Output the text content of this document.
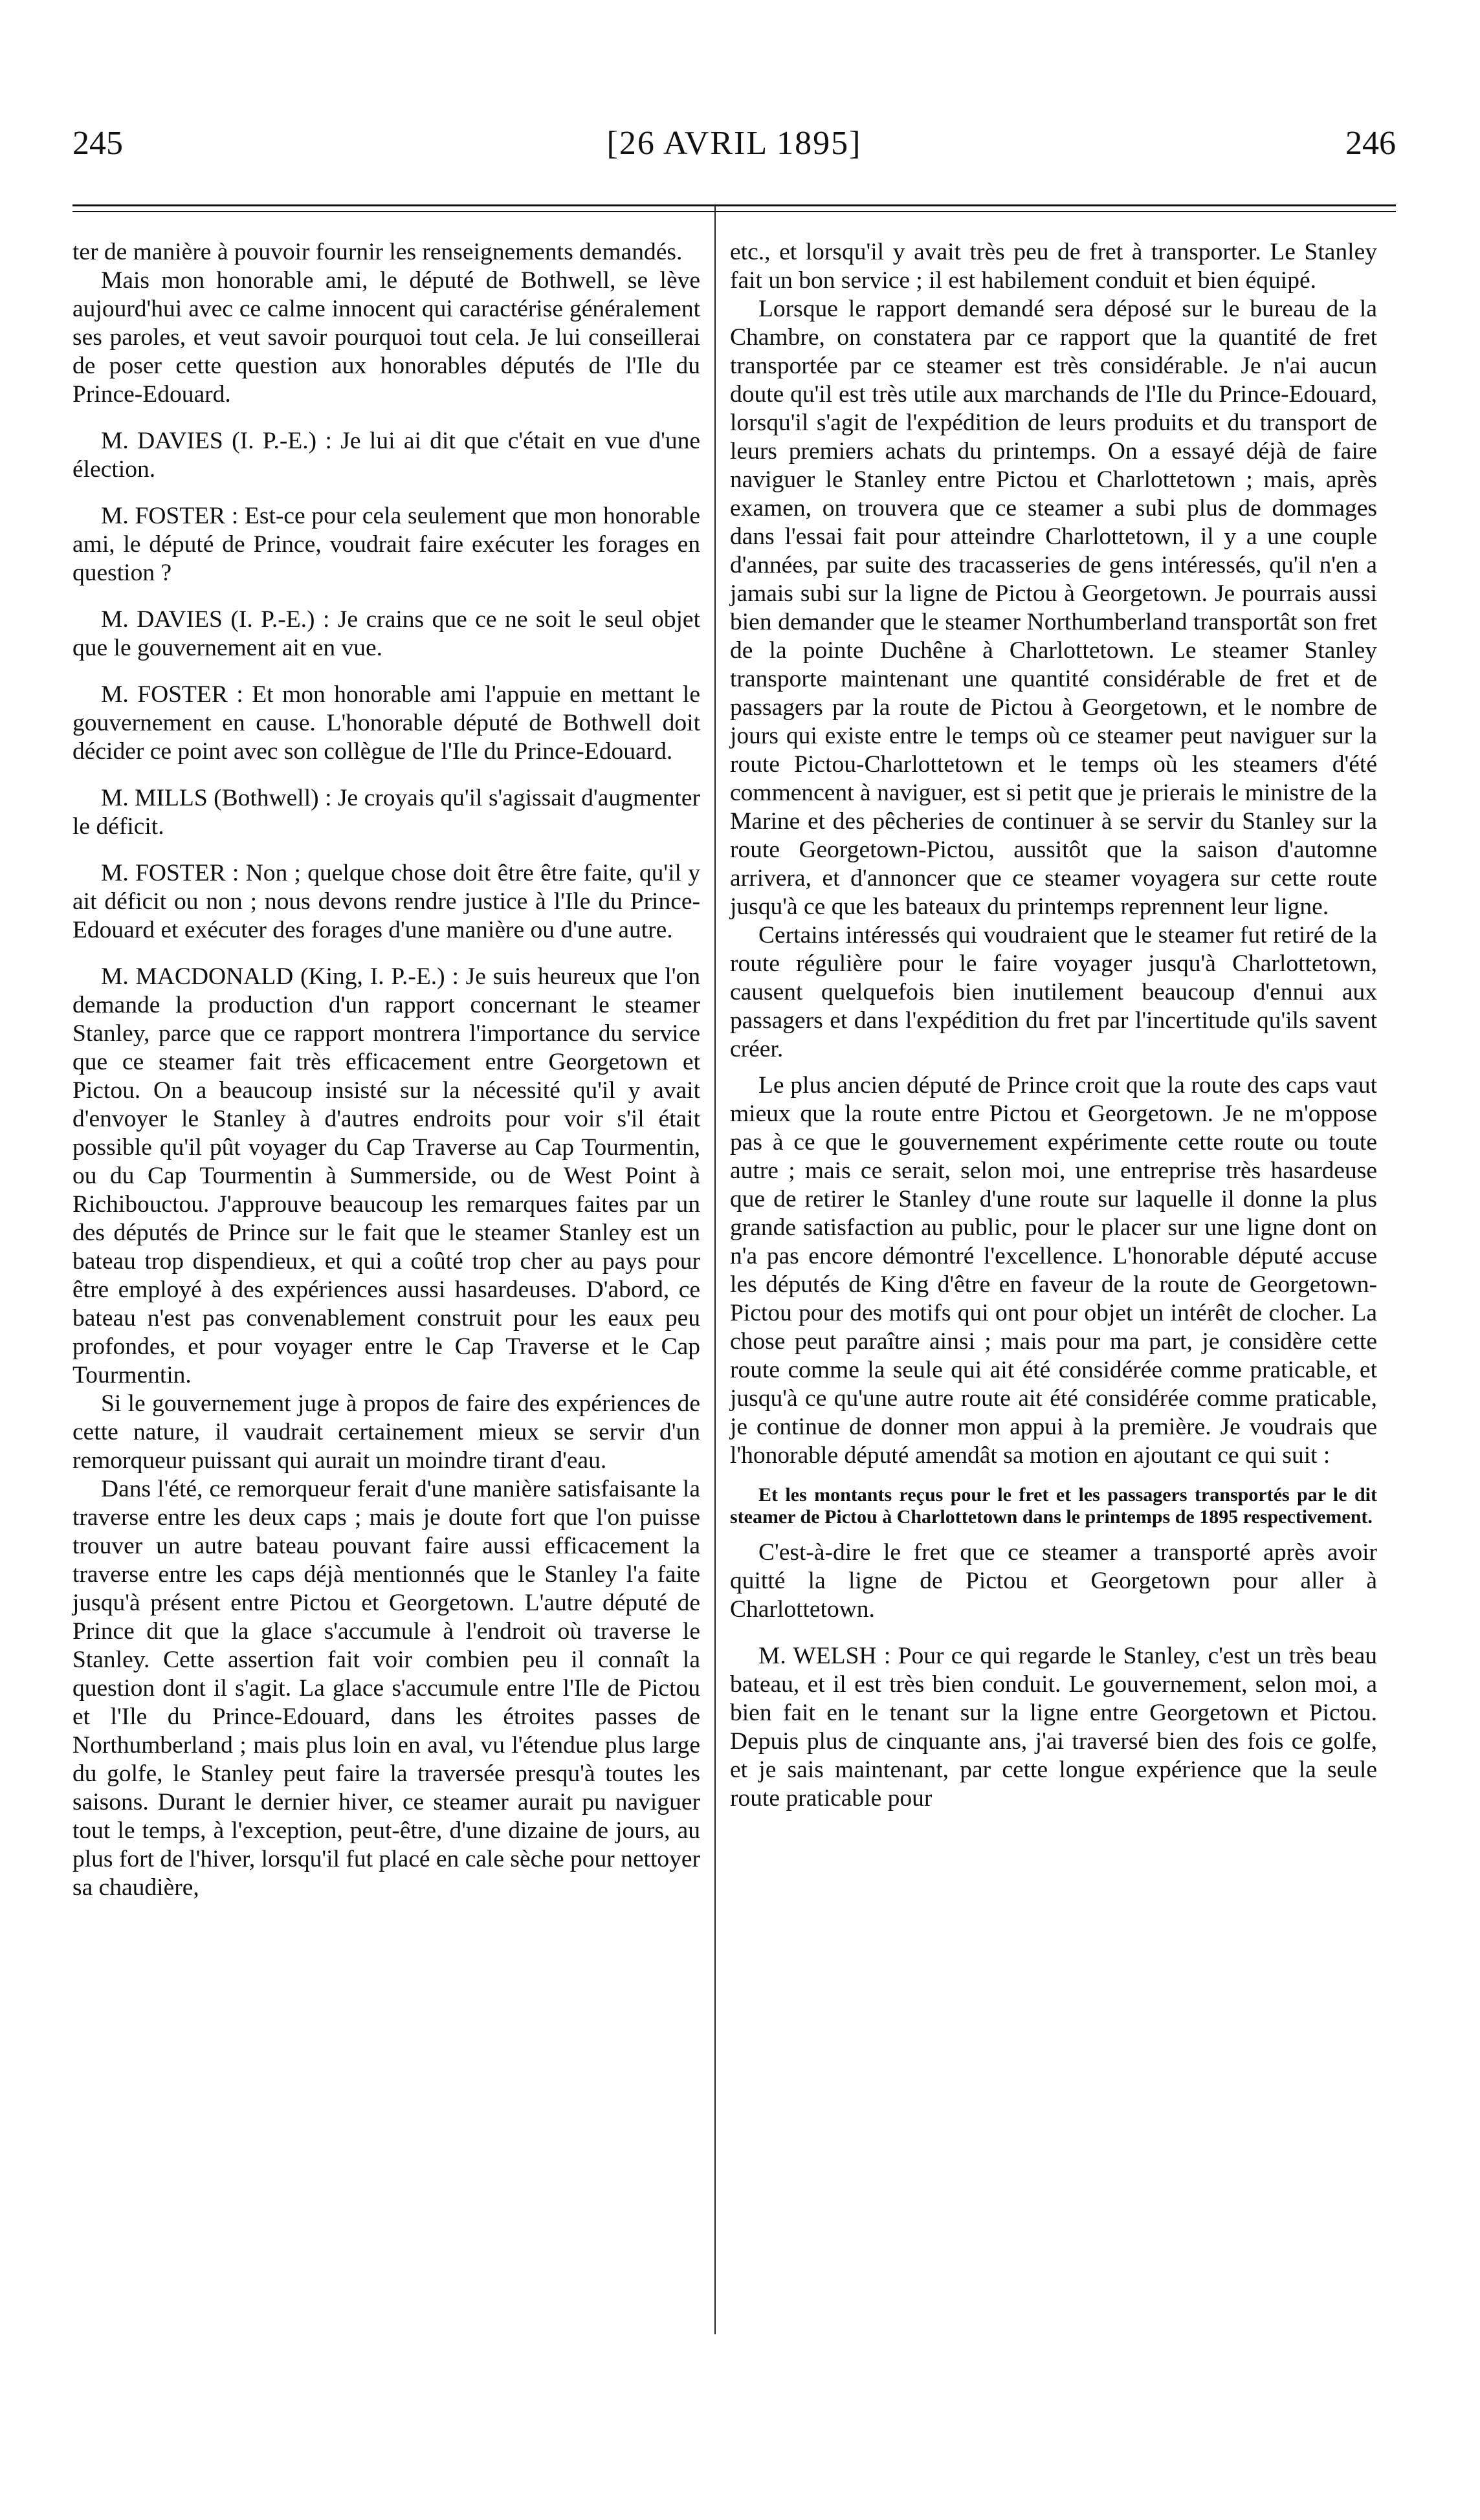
245	[26 AVRIL 1895]	246

ter de manière à pouvoir fournir les renseignements demandés.

Mais mon honorable ami, le député de Bothwell, se lève aujourd'hui avec ce calme innocent qui caractérise généralement ses paroles, et veut savoir pourquoi tout cela. Je lui conseillerai de poser cette question aux honorables députés de l'Ile du Prince-Edouard.

M. DAVIES (I. P.-E.) : Je lui ai dit que c'était en vue d'une élection.

M. FOSTER : Est-ce pour cela seulement que mon honorable ami, le député de Prince, voudrait faire exécuter les forages en question ?

M. DAVIES (I. P.-E.) : Je crains que ce ne soit le seul objet que le gouvernement ait en vue.

M. FOSTER : Et mon honorable ami l'appuie en mettant le gouvernement en cause. L'honorable député de Bothwell doit décider ce point avec son collègue de l'Ile du Prince-Edouard.

M. MILLS (Bothwell) : Je croyais qu'il s'agissait d'augmenter le déficit.

M. FOSTER : Non ; quelque chose doit être être faite, qu'il y ait déficit ou non ; nous devons rendre justice à l'Ile du Prince-Edouard et exécuter des forages d'une manière ou d'une autre.

M. MACDONALD (King, I. P.-E.) : Je suis heureux que l'on demande la production d'un rapport concernant le steamer Stanley, parce que ce rapport montrera l'importance du service que ce steamer fait très efficacement entre Georgetown et Pictou. On a beaucoup insisté sur la nécessité qu'il y avait d'envoyer le Stanley à d'autres endroits pour voir s'il était possible qu'il pût voyager du Cap Traverse au Cap Tourmentin, ou du Cap Tourmentin à Summerside, ou de West Point à Richibouctou. J'approuve beaucoup les remarques faites par un des députés de Prince sur le fait que le steamer Stanley est un bateau trop dispendieux, et qui a coûté trop cher au pays pour être employé à des expériences aussi hasardeuses. D'abord, ce bateau n'est pas convenablement construit pour les eaux peu profondes, et pour voyager entre le Cap Traverse et le Cap Tourmentin.

Si le gouvernement juge à propos de faire des expériences de cette nature, il vaudrait certainement mieux se servir d'un remorqueur puissant qui aurait un moindre tirant d'eau.

Dans l'été, ce remorqueur ferait d'une manière satisfaisante la traverse entre les deux caps ; mais je doute fort que l'on puisse trouver un autre bateau pouvant faire aussi efficacement la traverse entre les caps déjà mentionnés que le Stanley l'a faite jusqu'à présent entre Pictou et Georgetown. L'autre député de Prince dit que la glace s'accumule à l'endroit où traverse le Stanley. Cette assertion fait voir combien peu il connaît la question dont il s'agit. La glace s'accumule entre l'Ile de Pictou et l'Ile du Prince-Edouard, dans les étroites passes de Northumberland ; mais plus loin en aval, vu l'étendue plus large du golfe, le Stanley peut faire la traversée presqu'à toutes les saisons. Durant le dernier hiver, ce steamer aurait pu naviguer tout le temps, à l'exception, peut-être, d'une dizaine de jours, au plus fort de l'hiver, lorsqu'il fut placé en cale sèche pour nettoyer sa chaudière,

etc., et lorsqu'il y avait très peu de fret à transporter. Le Stanley fait un bon service ; il est habilement conduit et bien équipé.

Lorsque le rapport demandé sera déposé sur le bureau de la Chambre, on constatera par ce rapport que la quantité de fret transportée par ce steamer est très considérable. Je n'ai aucun doute qu'il est très utile aux marchands de l'Ile du Prince-Edouard, lorsqu'il s'agit de l'expédition de leurs produits et du transport de leurs premiers achats du printemps. On a essayé déjà de faire naviguer le Stanley entre Pictou et Charlottetown ; mais, après examen, on trouvera que ce steamer a subi plus de dommages dans l'essai fait pour atteindre Charlottetown, il y a une couple d'années, par suite des tracasseries de gens intéressés, qu'il n'en a jamais subi sur la ligne de Pictou à Georgetown. Je pourrais aussi bien demander que le steamer Northumberland transportât son fret de la pointe Duchêne à Charlottetown. Le steamer Stanley transporte maintenant une quantité considérable de fret et de passagers par la route de Pictou à Georgetown, et le nombre de jours qui existe entre le temps où ce steamer peut naviguer sur la route Pictou-Charlottetown et le temps où les steamers d'été commencent à naviguer, est si petit que je prierais le ministre de la Marine et des pêcheries de continuer à se servir du Stanley sur la route Georgetown-Pictou, aussitôt que la saison d'automne arrivera, et d'annoncer que ce steamer voyagera sur cette route jusqu'à ce que les bateaux du printemps reprennent leur ligne.

Certains intéressés qui voudraient que le steamer fut retiré de la route régulière pour le faire voyager jusqu'à Charlottetown, causent quelquefois bien inutilement beaucoup d'ennui aux passagers et dans l'expédition du fret par l'incertitude qu'ils savent créer.

Le plus ancien député de Prince croit que la route des caps vaut mieux que la route entre Pictou et Georgetown. Je ne m'oppose pas à ce que le gouvernement expérimente cette route ou toute autre ; mais ce serait, selon moi, une entreprise très hasardeuse que de retirer le Stanley d'une route sur laquelle il donne la plus grande satisfaction au public, pour le placer sur une ligne dont on n'a pas encore démontré l'excellence. L'honorable député accuse les députés de King d'être en faveur de la route de Georgetown-Pictou pour des motifs qui ont pour objet un intérêt de clocher. La chose peut paraître ainsi ; mais pour ma part, je considère cette route comme la seule qui ait été considérée comme praticable, et jusqu'à ce qu'une autre route ait été considérée comme praticable, je continue de donner mon appui à la première. Je voudrais que l'honorable député amendât sa motion en ajoutant ce qui suit :

Et les montants reçus pour le fret et les passagers transportés par le dit steamer de Pictou à Charlottetown dans le printemps de 1895 respectivement.

C'est-à-dire le fret que ce steamer a transporté après avoir quitté la ligne de Pictou et Georgetown pour aller à Charlottetown.

M. WELSH : Pour ce qui regarde le Stanley, c'est un très beau bateau, et il est très bien conduit. Le gouvernement, selon moi, a bien fait en le tenant sur la ligne entre Georgetown et Pictou. Depuis plus de cinquante ans, j'ai traversé bien des fois ce golfe, et je sais maintenant, par cette longue expérience que la seule route praticable pour
